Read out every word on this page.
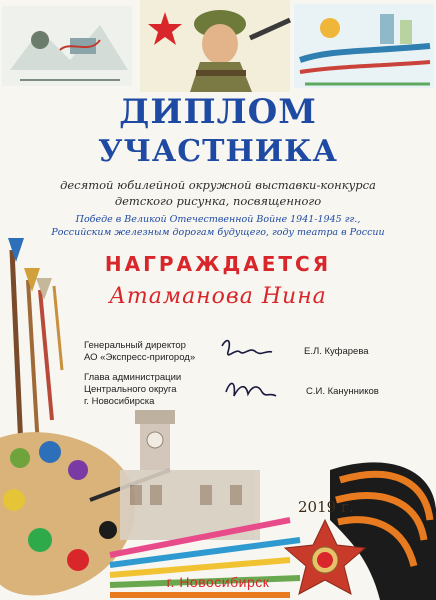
ДИПЛОМ
УЧАСТНИКА
десятой юбилейной окружной выставки-конкурса
детского рисунка, посвященного
Победе в Великой Отечественной Войне 1941-1945 гг.,
Российским железным дорогам будущего, году театра в России
НАГРАЖДАЕТСЯ
Атаманова Нина
Генеральный директор
АО «Экспресс-пригород»
Е.Л. Куфарева
Глава администрации
Центрального округа
г. Новосибирска
С.И. Канунников
2019 г.
г. Новосибирск
